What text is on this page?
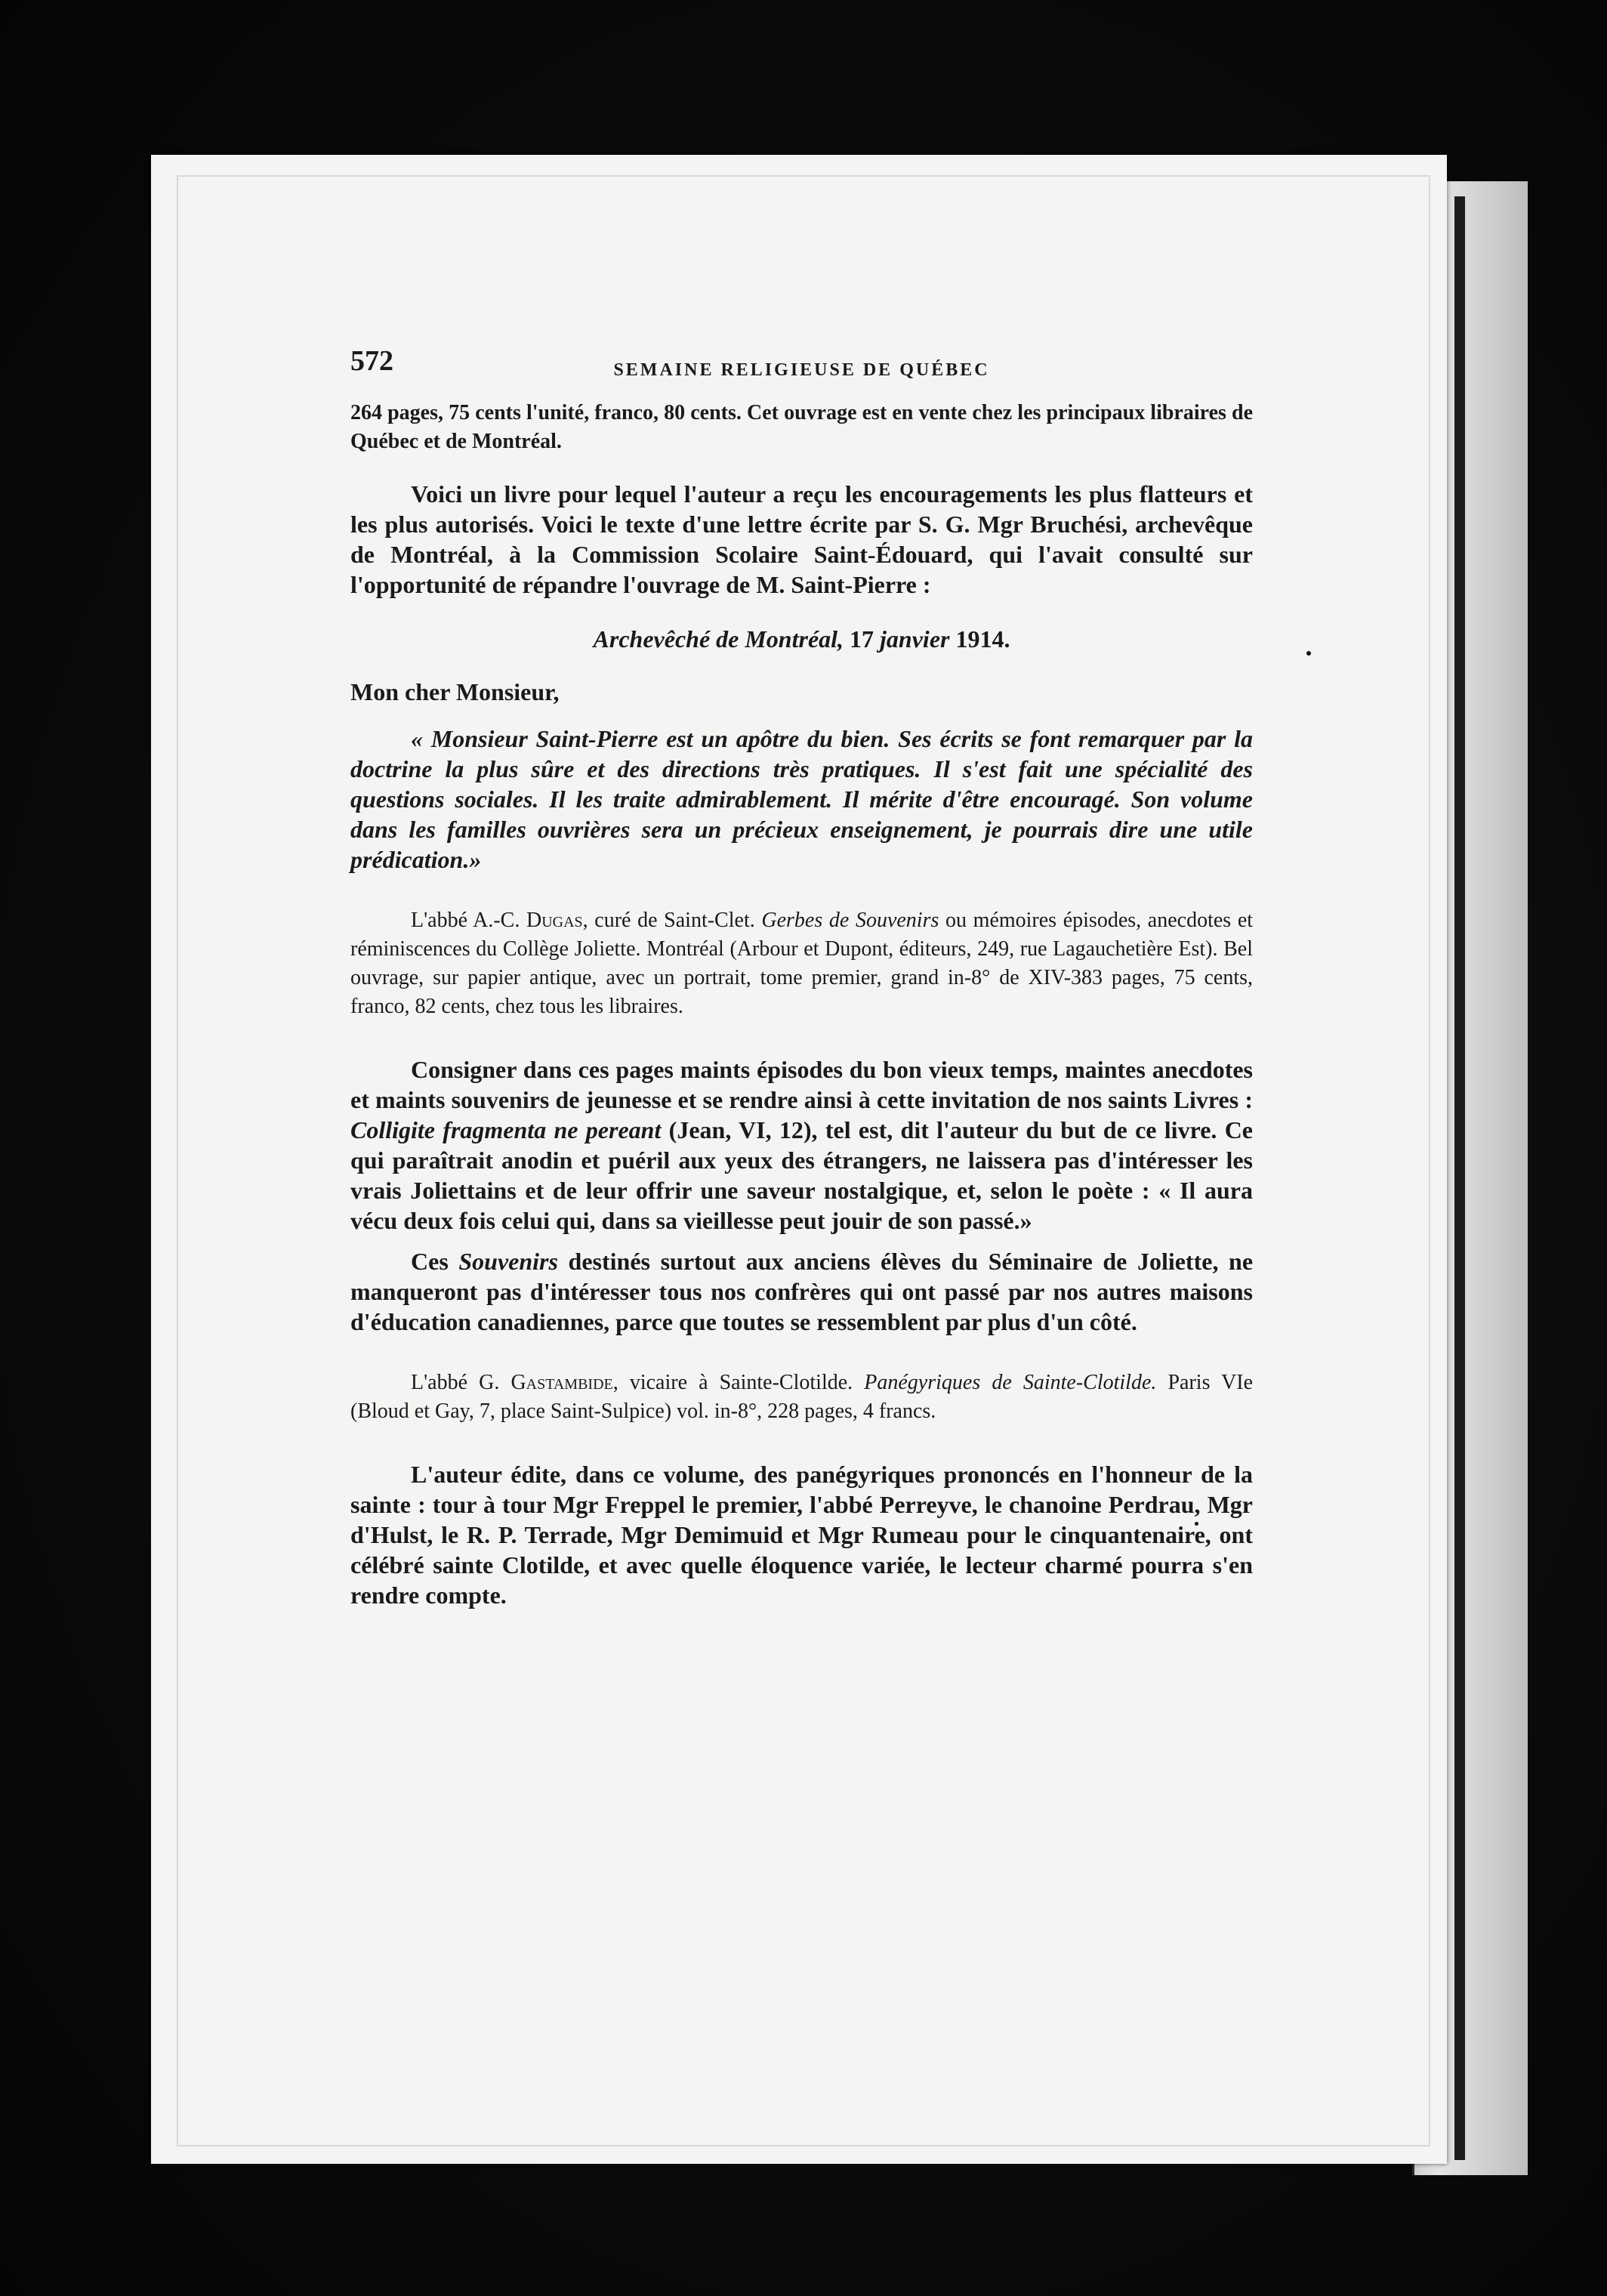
572	SEMAINE RELIGIEUSE DE QUÉBEC

264 pages, 75 cents l'unité, franco, 80 cents. Cet ouvrage est en vente chez les principaux libraires de Québec et de Montréal.

Voici un livre pour lequel l'auteur a reçu les encouragements les plus flatteurs et les plus autorisés. Voici le texte d'une lettre écrite par S. G. Mgr Bruchési, archevêque de Montréal, à la Commission Scolaire Saint-Édouard, qui l'avait consulté sur l'opportunité de répandre l'ouvrage de M. Saint-Pierre :

Archevêché de Montréal, 17 janvier 1914.

Mon cher Monsieur,

« Monsieur Saint-Pierre est un apôtre du bien. Ses écrits se font remarquer par la doctrine la plus sûre et des directions très pratiques. Il s'est fait une spécialité des questions sociales. Il les traite admirablement. Il mérite d'être encouragé. Son volume dans les familles ouvrières sera un précieux enseignement, je pourrais dire une utile prédication.»

L'abbé A.-C. Dugas, curé de Saint-Clet. Gerbes de Souvenirs ou mémoires épisodes, anecdotes et réminiscences du Collège Joliette. Montréal (Arbour et Dupont, éditeurs, 249, rue Lagauchetière Est). Bel ouvrage, sur papier antique, avec un portrait, tome premier, grand in-8° de XIV-383 pages, 75 cents, franco, 82 cents, chez tous les libraires.

Consigner dans ces pages maints épisodes du bon vieux temps, maintes anecdotes et maints souvenirs de jeunesse et se rendre ainsi à cette invitation de nos saints Livres : Colligite fragmenta ne pereant (Jean, VI, 12), tel est, dit l'auteur du but de ce livre. Ce qui paraîtrait anodin et puéril aux yeux des étrangers, ne laissera pas d'intéresser les vrais Joliettains et de leur offrir une saveur nostalgique, et, selon le poète : « Il aura vécu deux fois celui qui, dans sa vieillesse peut jouir de son passé.»

Ces Souvenirs destinés surtout aux anciens élèves du Séminaire de Joliette, ne manqueront pas d'intéresser tous nos confrères qui ont passé par nos autres maisons d'éducation canadiennes, parce que toutes se ressemblent par plus d'un côté.

L'abbé G. Gastambide, vicaire à Sainte-Clotilde. Panégyriques de Sainte-Clotilde. Paris VIe (Bloud et Gay, 7, place Saint-Sulpice) vol. in-8°, 228 pages, 4 francs.

L'auteur édite, dans ce volume, des panégyriques prononcés en l'honneur de la sainte : tour à tour Mgr Freppel le premier, l'abbé Perreyve, le chanoine Perdrau, Mgr d'Hulst, le R. P. Terrade, Mgr Demimuid et Mgr Rumeau pour le cinquantenaire, ont célébré sainte Clotilde, et avec quelle éloquence variée, le lecteur charmé pourra s'en rendre compte.
